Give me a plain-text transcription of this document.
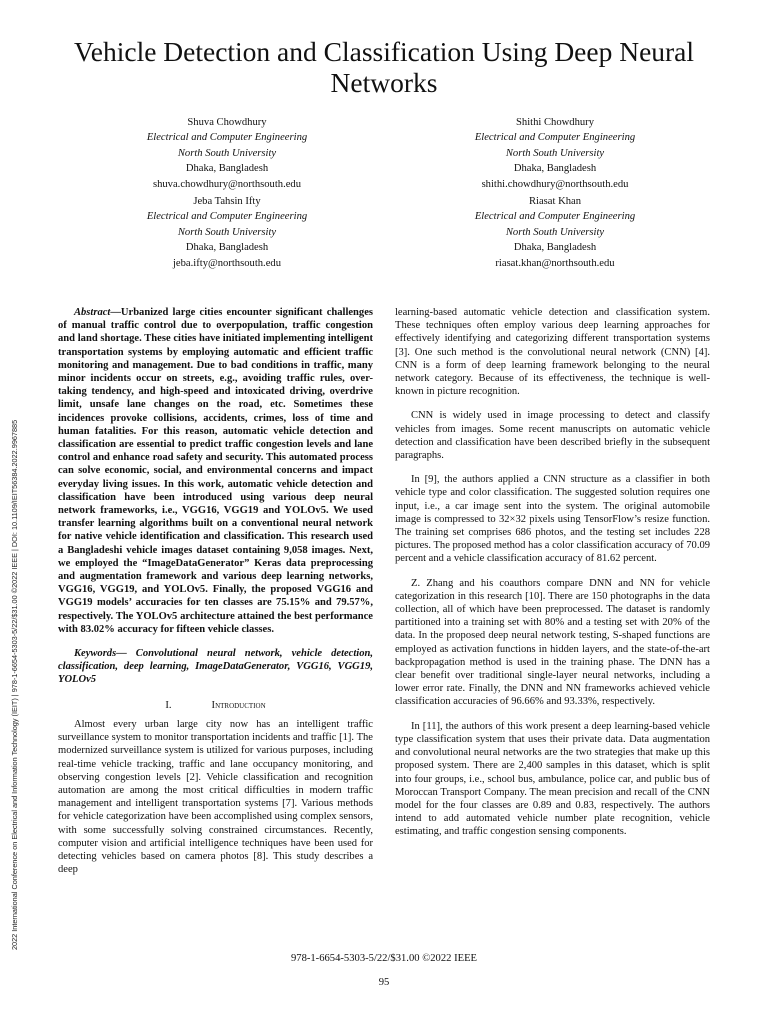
Vehicle Detection and Classification Using Deep Neural Networks
Shuva Chowdhury
Electrical and Computer Engineering
North South University
Dhaka, Bangladesh
shuva.chowdhury@northsouth.edu
Shithi Chowdhury
Electrical and Computer Engineering
North South University
Dhaka, Bangladesh
shithi.chowdhury@northsouth.edu
Jeba Tahsin Ifty
Electrical and Computer Engineering
North South University
Dhaka, Bangladesh
jeba.ifty@northsouth.edu
Riasat Khan
Electrical and Computer Engineering
North South University
Dhaka, Bangladesh
riasat.khan@northsouth.edu
2022 International Conference on Electrical and Information Technology (IEIT) | 978-1-6654-5303-5/22/$31.00 ©2022 IEEE | DOI: 10.1109/IEIT56384.2022.9967885

Abstract—Urbanized large cities encounter significant challenges of manual traffic control due to overpopulation, traffic congestion and land shortage. These cities have initiated implementing intelligent transportation systems by employing automatic and efficient traffic monitoring and management. Due to bad conditions in traffic, many minor incidents occur on streets, e.g., avoiding traffic rules, over-taking tendency, and high-speed and intoxicated driving, overdrive limit, unsafe lane changes on the road, etc. Sometimes these incidences provoke collisions, accidents, crimes, loss of time and human fatalities. For this reason, automatic vehicle detection and classification are essential to predict traffic congestion levels and lane control and enhance road safety and security. This automated process can solve economic, social, and environmental concerns and impact everyday living issues. In this work, automatic vehicle detection and classification have been introduced using various deep neural network frameworks, i.e., VGG16, VGG19 and YOLOv5. We used transfer learning algorithms built on a conventional neural network for native vehicle identification and classification. This research used a Bangladeshi vehicle images dataset containing 9,058 images. Next, we employed the “ImageDataGenerator” Keras data preprocessing and augmentation framework and various deep learning networks, VGG16, VGG19, and YOLOv5. Finally, the proposed VGG16 and VGG19 models’ accuracies for ten classes are 75.15% and 79.57%, respectively. The YOLOv5 architecture attained the best performance with 83.02% accuracy for fifteen vehicle classes.

Keywords— Convolutional neural network, vehicle detection, classification, deep learning, ImageDataGenerator, VGG16, VGG19, YOLOv5

I.	Introduction

Almost every urban large city now has an intelligent traffic surveillance system to monitor transportation incidents and traffic [1]. The modernized surveillance system is utilized for various purposes, including real-time vehicle tracking, traffic and lane occupancy monitoring, and observing congestion levels [2]. Vehicle classification and recognition automation are among the most critical difficulties in modern traffic management and intelligent transportation systems [7]. Various methods for vehicle categorization have been accomplished using complex sensors, with some successfully solving constrained circumstances. Recently, computer vision and artificial intelligence techniques have been used for detecting vehicles based on camera photos [8]. This study describes a deep

learning-based automatic vehicle detection and classification system. These techniques often employ various deep learning approaches for effectively identifying and categorizing different transportation systems [3]. One such method is the convolutional neural network (CNN) [4]. CNN is a form of deep learning framework belonging to the neural network category. Because of its effectiveness, the technique is well-known in picture recognition.

CNN is widely used in image processing to detect and classify vehicles from images. Some recent manuscripts on automatic vehicle detection and classification have been described briefly in the subsequent paragraphs.

In [9], the authors applied a CNN structure as a classifier in both vehicle type and color classification. The suggested solution requires one input, i.e., a car image sent into the system. The original automobile image is compressed to 32×32 pixels using TensorFlow’s resize function. The training set comprises 686 photos, and the testing set includes 228 pictures. The proposed method has a color classification accuracy of 70.09 percent and a vehicle classification accuracy of 81.62 percent.

Z. Zhang and his coauthors compare DNN and NN for vehicle categorization in this research [10]. There are 150 photographs in the data collection, all of which have been preprocessed. The dataset is randomly partitioned into a training set with 80% and a testing set with 20% of the data. In the proposed deep neural network testing, S-shaped functions are employed as activation functions in hidden layers, and the state-of-the-art backpropagation method is used in the training phase. The DNN has a clear benefit over traditional single-layer neural networks, including a lower error rate. Finally, the DNN and NN frameworks achieved vehicle classification accuracies of 96.66% and 93.33%, respectively.

In [11], the authors of this work present a deep learning-based vehicle type classification system that uses their private data. Data augmentation and convolutional neural networks are the two strategies that make up this proposed system. There are 2,400 samples in this dataset, which is split into four groups, i.e., school bus, ambulance, police car, and public bus of Moroccan Transport Company. The mean precision and recall of the CNN model for the four classes are 0.89 and 0.83, respectively. The authors intend to add automated vehicle number plate recognition, vehicle estimating, and traffic congestion sensing components.

978-1-6654-5303-5/22/$31.00 ©2022 IEEE
95
